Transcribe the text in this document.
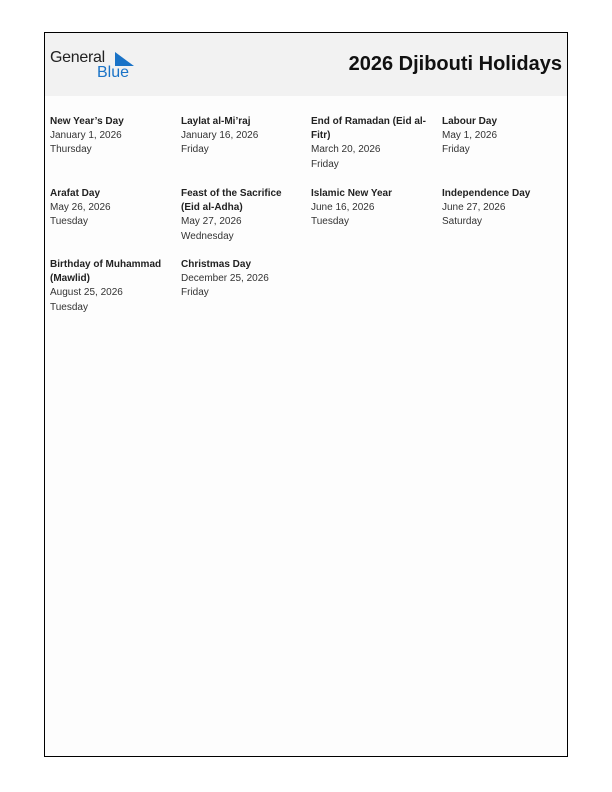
General
Blue	2026 Djibouti Holidays
New Year’s Day
January 1, 2026
Thursday
Laylat al-Mi’raj
January 16, 2026
Friday
End of Ramadan (Eid al-Fitr)
March 20, 2026
Friday
Labour Day
May 1, 2026
Friday
Arafat Day
May 26, 2026
Tuesday
Feast of the Sacrifice (Eid al-Adha)
May 27, 2026
Wednesday
Islamic New Year
June 16, 2026
Tuesday
Independence Day
June 27, 2026
Saturday
Birthday of Muhammad (Mawlid)
August 25, 2026
Tuesday
Christmas Day
December 25, 2026
Friday
